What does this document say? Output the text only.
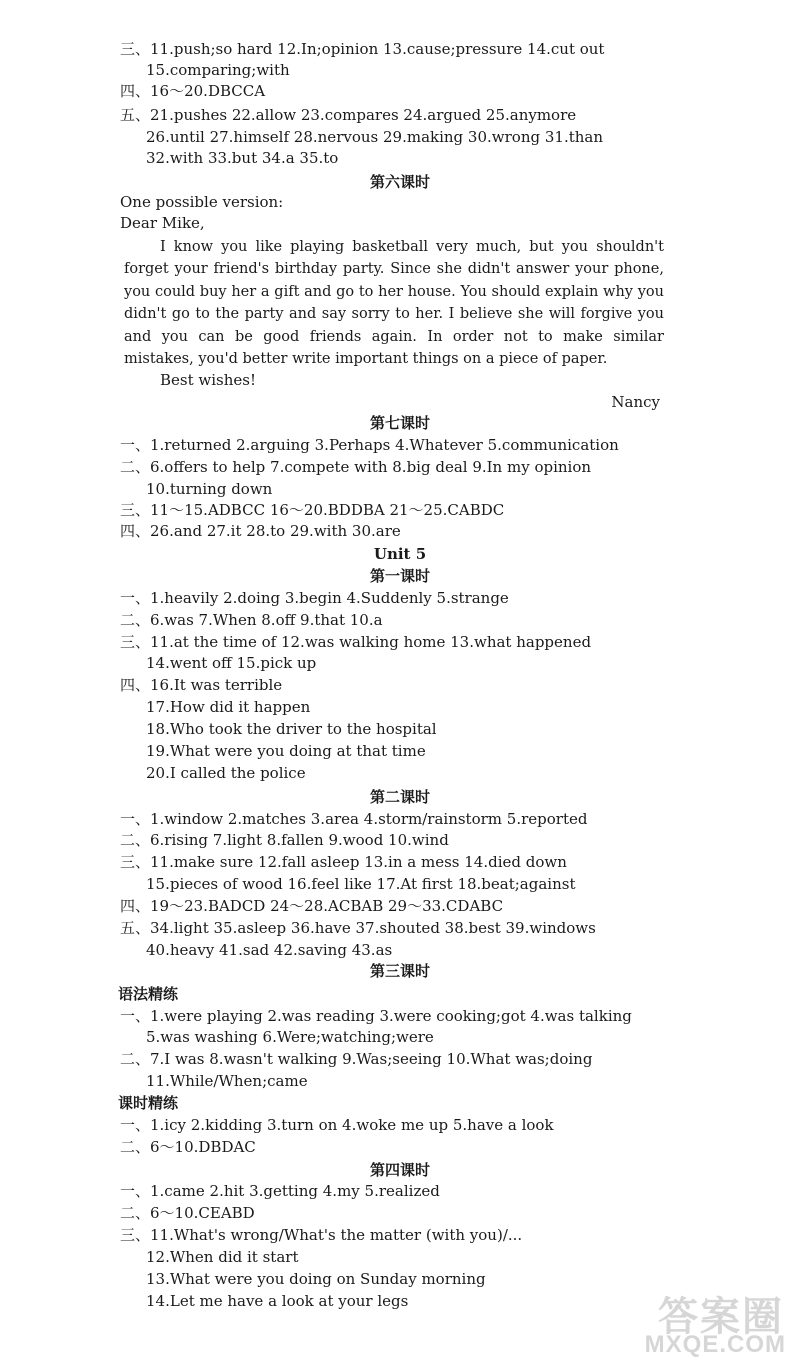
三、11.push;so hard 12.In;opinion 13.cause;pressure 14.cut out
15.comparing;with
四、16～20.DBCCA
五、21.pushes 22.allow 23.compares 24.argued 25.anymore
26.until 27.himself 28.nervous 29.making 30.wrong 31.than
32.with 33.but 34.a 35.to
第六课时
One possible version:
Dear Mike,
I know you like playing basketball very much, but you shouldn't forget your friend's birthday party. Since she didn't answer your phone, you could buy her a gift and go to her house. You should explain why you didn't go to the party and say sorry to her. I believe she will forgive you and you can be good friends again. In order not to make similar mistakes, you'd better write important things on a piece of paper.
Best wishes!
Nancy
第七课时
一、1.returned 2.arguing 3.Perhaps 4.Whatever 5.communication
二、6.offers to help 7.compete with 8.big deal 9.In my opinion
10.turning down
三、11～15.ADBCC 16～20.BDDBA 21～25.CABDC
四、26.and 27.it 28.to 29.with 30.are
Unit 5
第一课时
一、1.heavily 2.doing 3.begin 4.Suddenly 5.strange
二、6.was 7.When 8.off 9.that 10.a
三、11.at the time of 12.was walking home 13.what happened
14.went off 15.pick up
四、16.It was terrible
17.How did it happen
18.Who took the driver to the hospital
19.What were you doing at that time
20.I called the police
第二课时
一、1.window 2.matches 3.area 4.storm/rainstorm 5.reported
二、6.rising 7.light 8.fallen 9.wood 10.wind
三、11.make sure 12.fall asleep 13.in a mess 14.died down
15.pieces of wood 16.feel like 17.At first 18.beat;against
四、19～23.BADCD 24～28.ACBAB 29～33.CDABC
五、34.light 35.asleep 36.have 37.shouted 38.best 39.windows
40.heavy 41.sad 42.saving 43.as
第三课时
语法精练
一、1.were playing 2.was reading 3.were cooking;got 4.was talking
5.was washing 6.Were;watching;were
二、7.I was 8.wasn't walking 9.Was;seeing 10.What was;doing
11.While/When;came
课时精练
一、1.icy 2.kidding 3.turn on 4.woke me up 5.have a look
二、6～10.DBDAC
第四课时
一、1.came 2.hit 3.getting 4.my 5.realized
二、6～10.CEABD
三、11.What's wrong/What's the matter (with you)/...
12.When did it start
13.What were you doing on Sunday morning
14.Let me have a look at your legs	答案圈
MXQE.COM
